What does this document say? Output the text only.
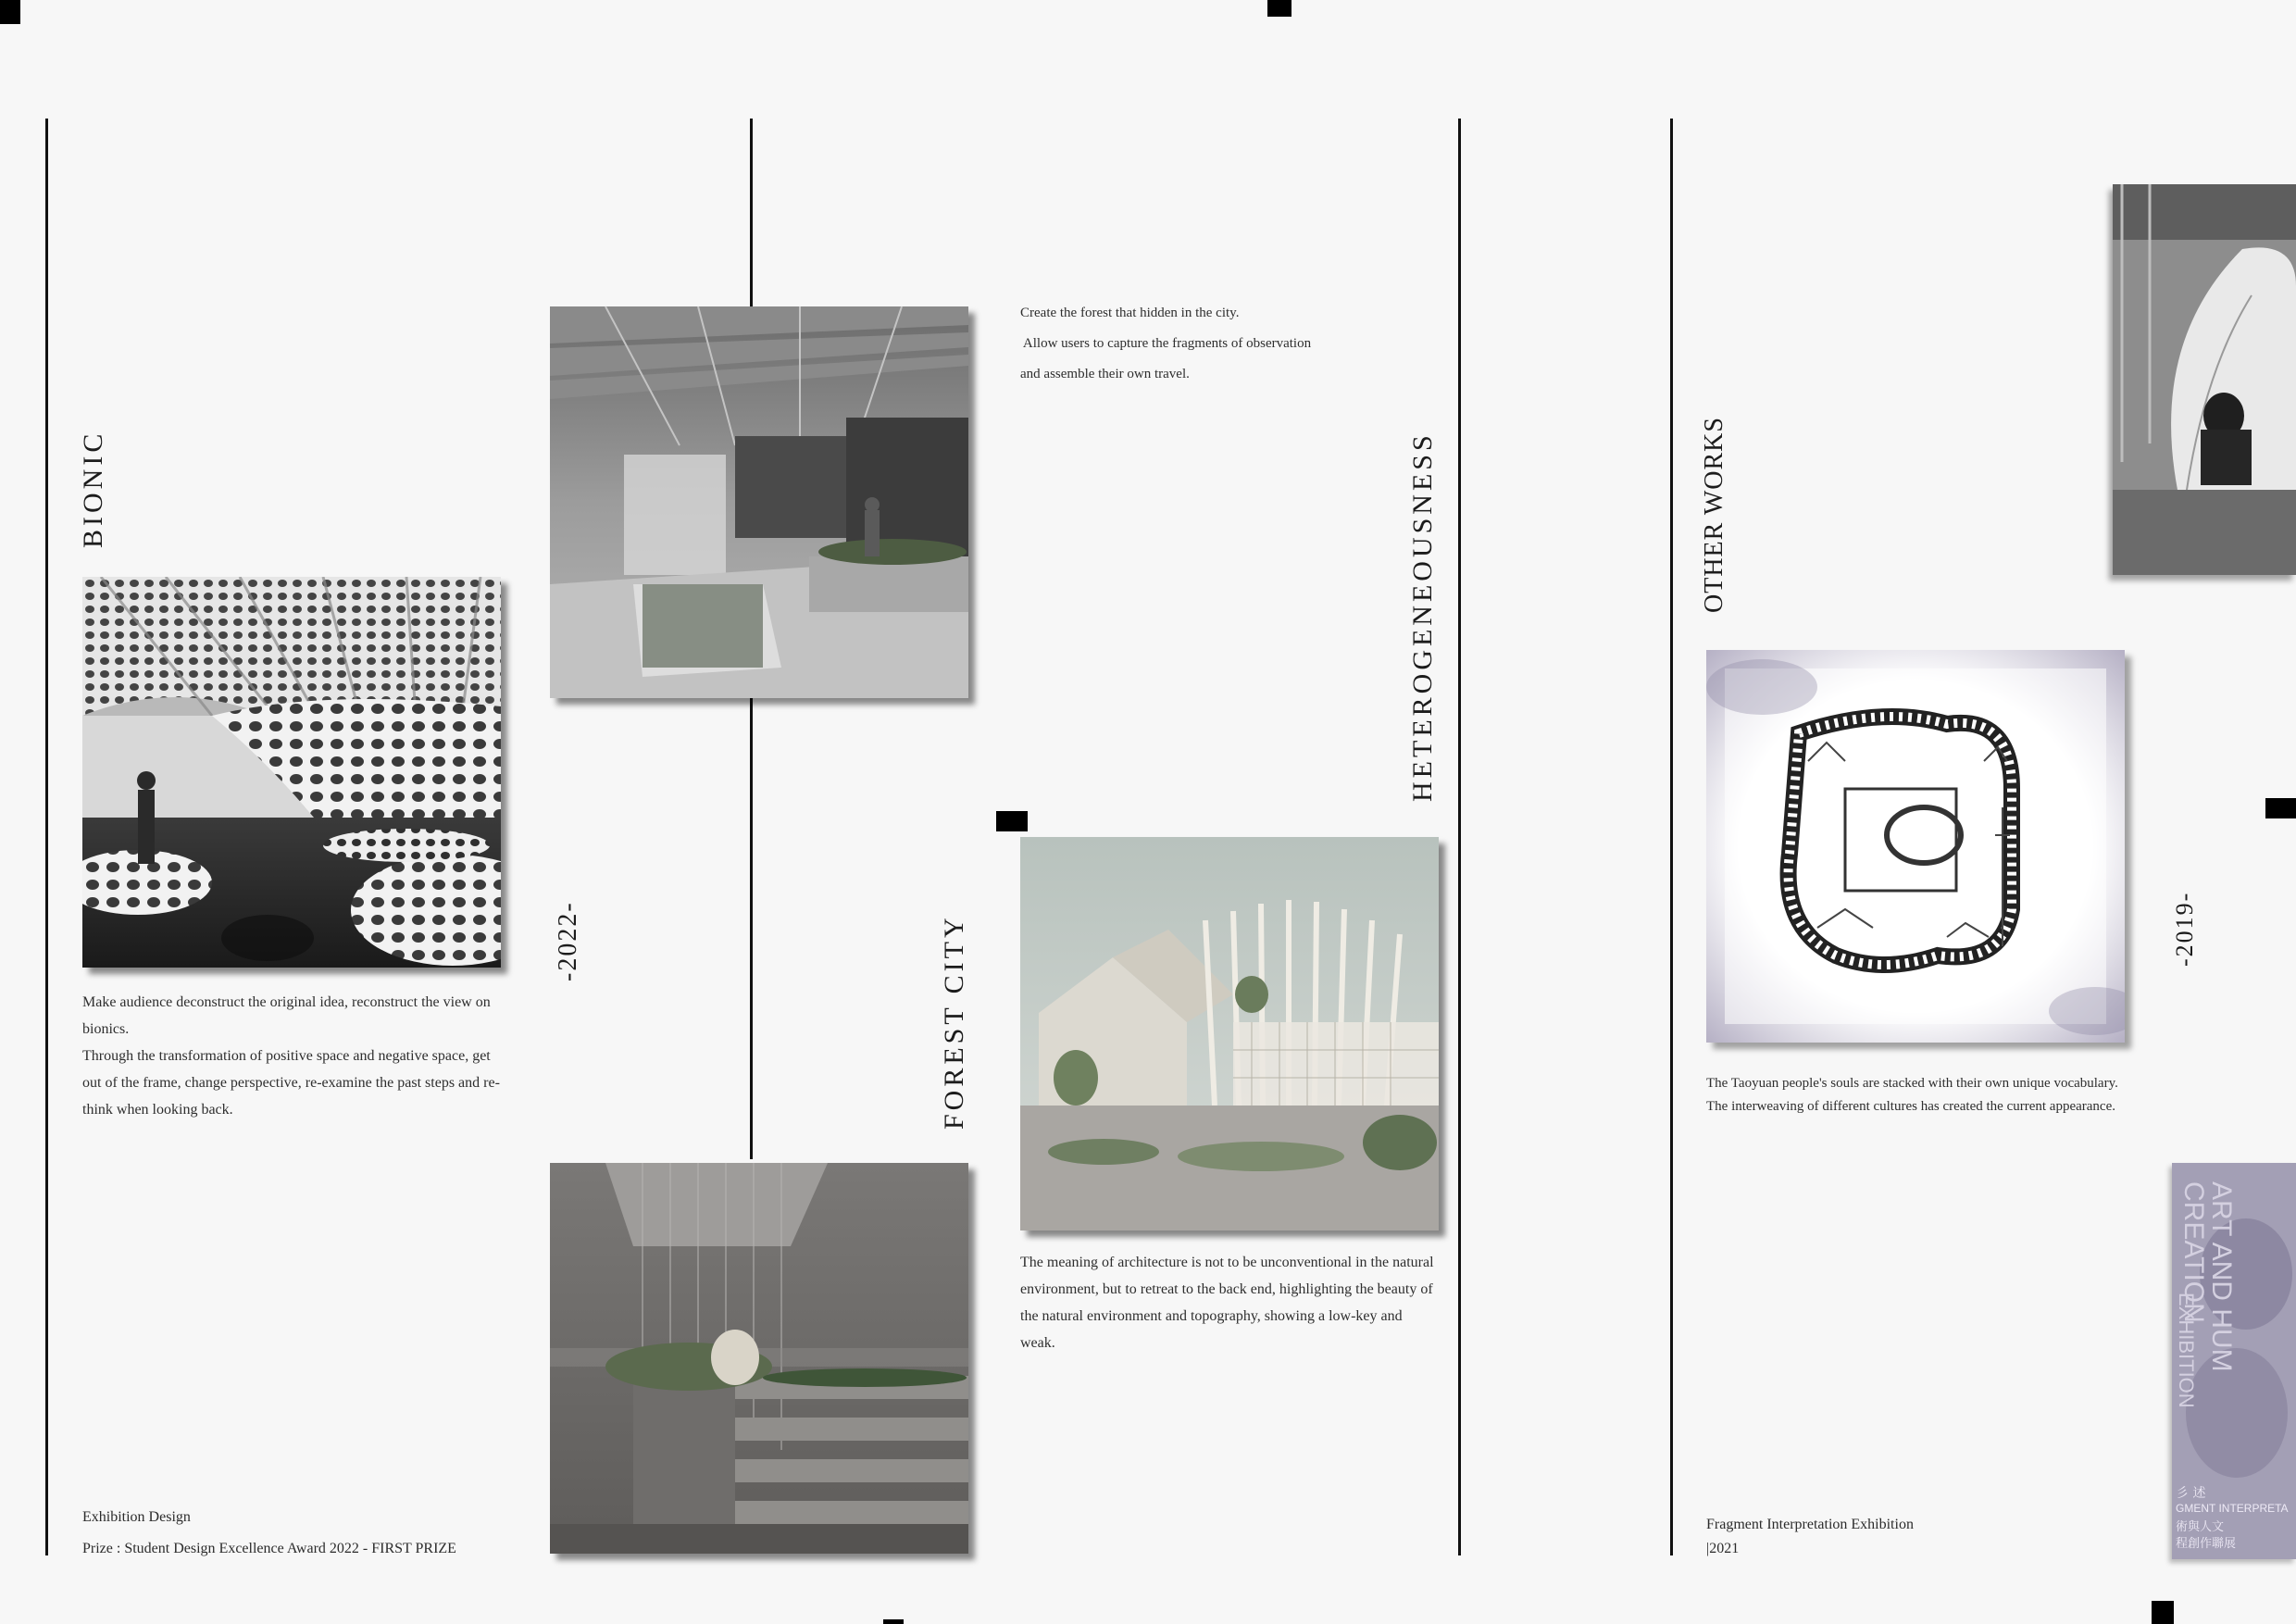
BIONIC

Make audience deconstruct the original idea, reconstruct the view on bionics.

Through the transformation of positive space and negative space, get out of the frame, change perspective, re-examine the past steps and re-think when looking back.

Exhibition Design
Prize : Student Design Excellence Award 2022 - FIRST PRIZE
-2022-	FOREST CITY

Create the forest that hidden in the city.

Allow users to capture the fragments of observation

and assemble their own travel.

The meaning of architecture is not to be unconventional in the natural environment, but to retreat to the back end, highlighting the beauty of the natural environment and topography, showing a low-key and weak.
HETEROGENEOUSNESS	OTHER WORKS
The Taoyuan people's souls are stacked with their own unique vocabulary. The interweaving of different cultures has created the current appearance.
Fragment Interpretation Exhibition
|2021
-2019-
ART AND HUM
CREATION
EXHIBITION
彡 述
GMENT INTERPRETA
術與人文
程創作聯展
